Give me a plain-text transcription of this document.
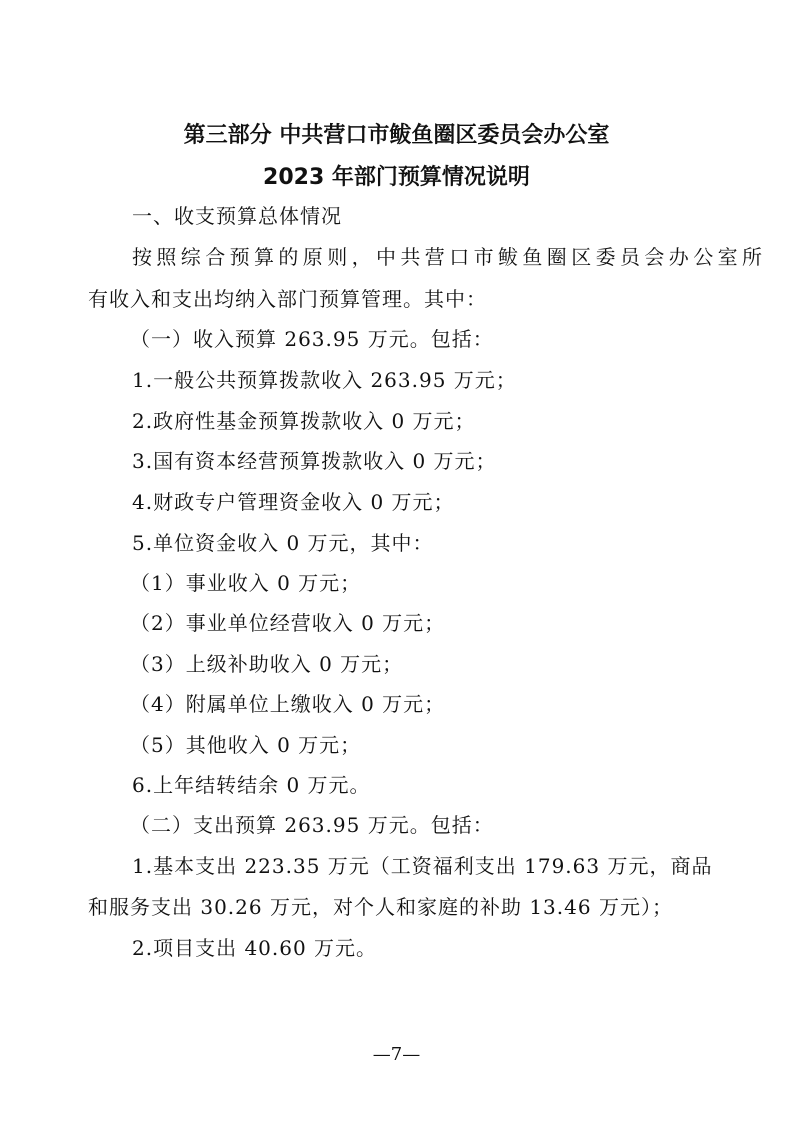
第三部分 中共营口市鲅鱼圈区委员会办公室
2023 年部门预算情况说明
一、收支预算总体情况
按照综合预算的原则，中共营口市鲅鱼圈区委员会办公室所
有收入和支出均纳入部门预算管理。其中：
（一）收入预算 263.95 万元。包括：
1.一般公共预算拨款收入 263.95 万元；
2.政府性基金预算拨款收入 0 万元；
3.国有资本经营预算拨款收入 0 万元；
4.财政专户管理资金收入 0 万元；
5.单位资金收入 0 万元，其中：
（1）事业收入 0 万元；
（2）事业单位经营收入 0 万元；
（3）上级补助收入 0 万元；
（4）附属单位上缴收入 0 万元；
（5）其他收入 0 万元；
6.上年结转结余 0 万元。
（二）支出预算 263.95 万元。包括：
1.基本支出 223.35 万元（工资福利支出 179.63 万元，商品
和服务支出 30.26 万元，对个人和家庭的补助 13.46 万元）；
2.项目支出 40.60 万元。
—7—
